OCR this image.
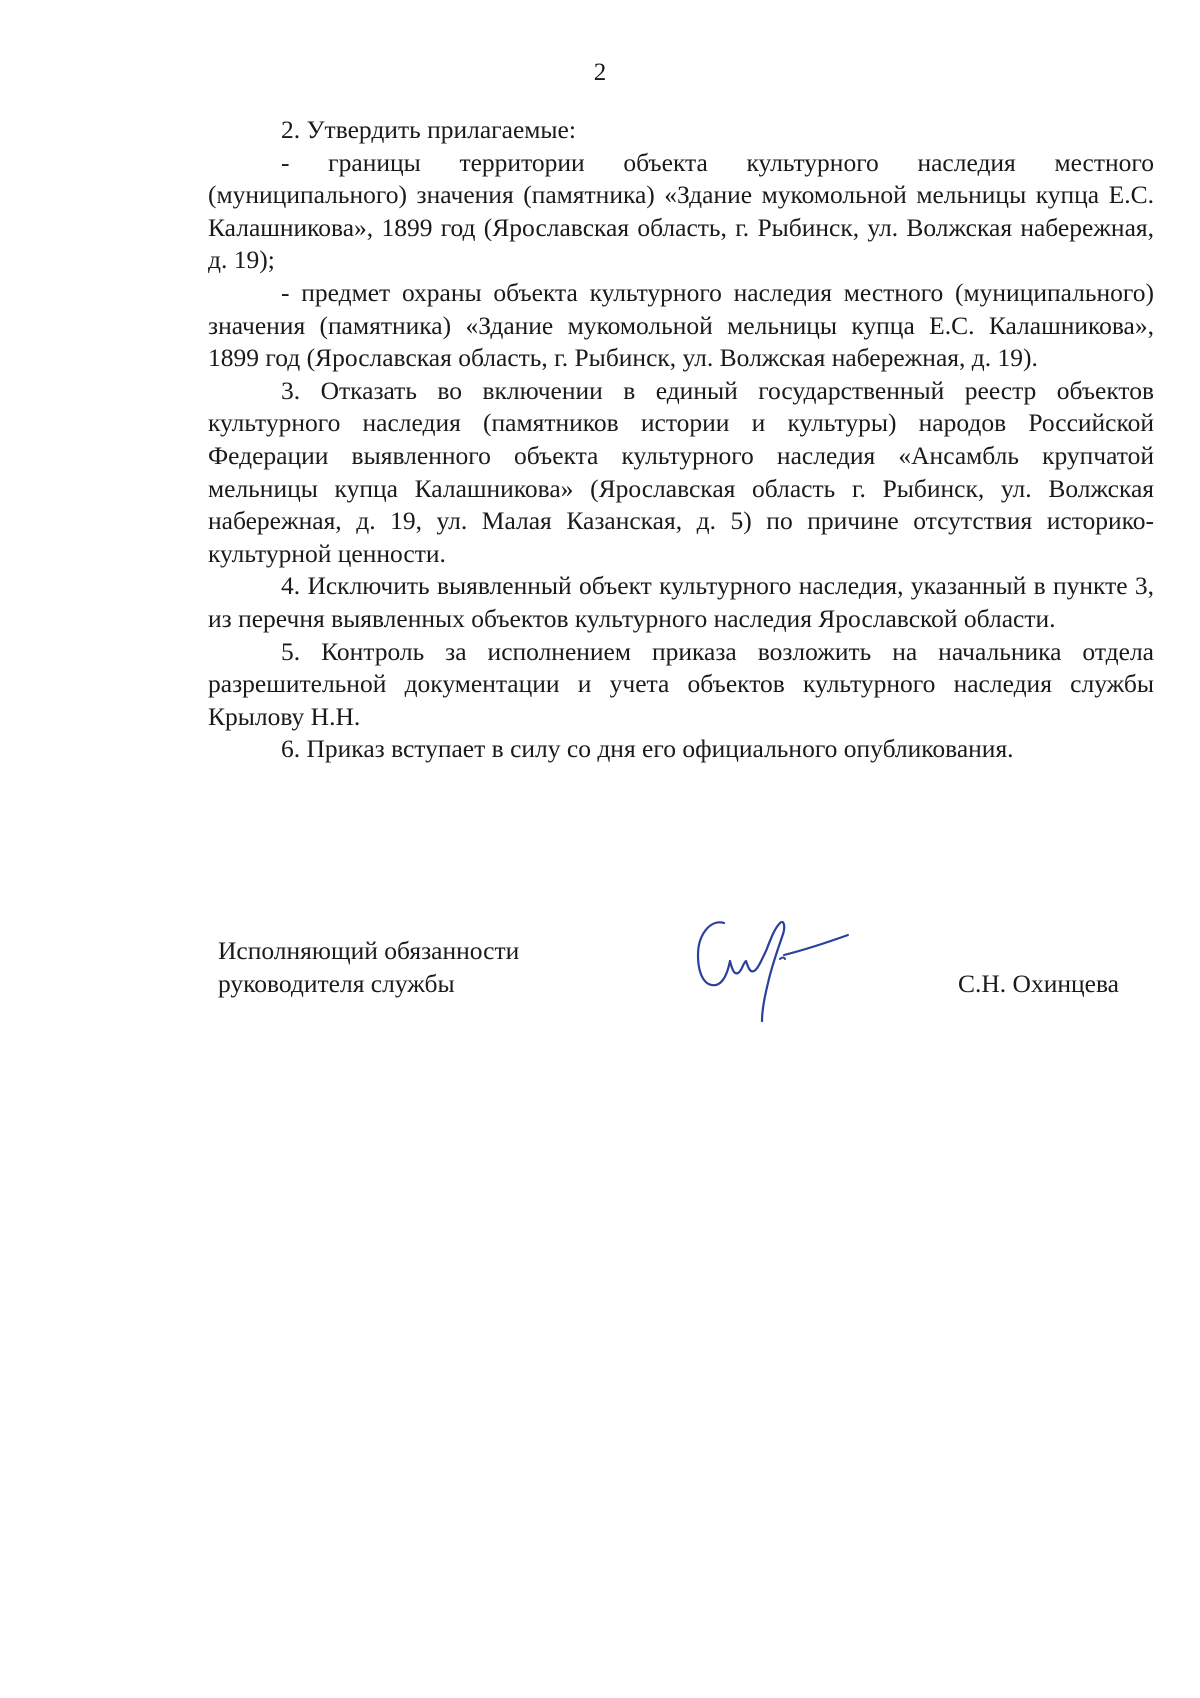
2

2. Утвердить прилагаемые:

- границы территории объекта культурного наследия местного (муниципального) значения (памятника) «Здание мукомольной мельницы купца Е.С. Калашникова», 1899 год (Ярославская область, г. Рыбинск, ул. Волжская набережная, д. 19);

- предмет охраны объекта культурного наследия местного (муниципального) значения (памятника) «Здание мукомольной мельницы купца Е.С. Калашникова», 1899 год (Ярославская область, г. Рыбинск, ул. Волжская набережная, д. 19).

3. Отказать во включении в единый государственный реестр объектов культурного наследия (памятников истории и культуры) народов Российской Федерации выявленного объекта культурного наследия «Ансамбль крупчатой мельницы купца Калашникова» (Ярославская область г. Рыбинск, ул. Волжская набережная, д. 19, ул. Малая Казанская, д. 5) по причине отсутствия историко-культурной ценности.

4. Исключить выявленный объект культурного наследия, указанный в пункте 3, из перечня выявленных объектов культурного наследия Ярославской области.

5. Контроль за исполнением приказа возложить на начальника отдела разрешительной документации и учета объектов культурного наследия службы Крылову Н.Н.

6. Приказ вступает в силу со дня его официального опубликования.

Исполняющий обязанности
руководителя службы	С.Н. Охинцева
